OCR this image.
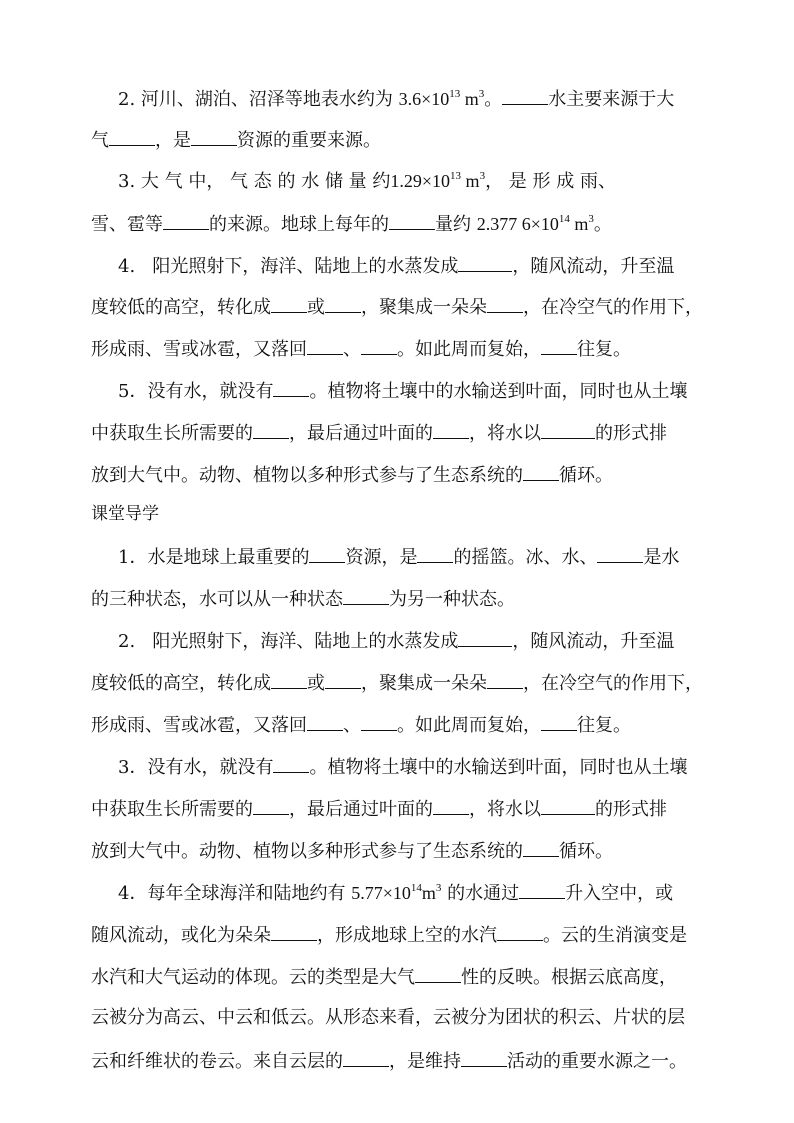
2. 河川、湖泊、沼泽等地表水约为 $3.6\times 10^{13}$ $m^3$ 。	水主要来源于大
气	，是	资源的重要来源。
3. 大 气 中， 气 态 的 水 储 量 约 $1.29\times 10^{13}$ $m^3$ ， 是 形 成 雨、
雪、雹等	的来源。地球上每年的	量约 2.377 $6\times 10^{14}$ $m^3$ 。
4.   阳光照射下，海洋、陆地上的水蒸发成	，随风流动，升至温
度较低的高空，转化成 或 ，聚集成一朵朵 ，在冷空气的作用下，
形成雨、雪或冰雹，又落回 、 。如此周而复始， 往复。
5．没有水，就没有 。植物将土壤中的水输送到叶面，同时也从土壤
中获取生长所需要的 ，最后通过叶面的 ，将水以	的形式排
放到大气中。动物、植物以多种形式参与了生态系统的 循环。
课堂导学
1．水是地球上最重要的 资源，是 的摇篮。冰、水、	是水
的三种状态，水可以从一种状态	为另一种状态。
2.   阳光照射下，海洋、陆地上的水蒸发成	，随风流动，升至温
度较低的高空，转化成 或 ，聚集成一朵朵 ，在冷空气的作用下，
形成雨、雪或冰雹，又落回 、 。如此周而复始， 往复。
3．没有水，就没有 。植物将土壤中的水输送到叶面，同时也从土壤
中获取生长所需要的 ，最后通过叶面的 ，将水以	的形式排
放到大气中。动物、植物以多种形式参与了生态系统的 循环。
4．每年全球海洋和陆地约有 $5.77\times 10^{14}m^3$ 的水通过	升入空中，或
随风流动，或化为朵朵	，形成地球上空的水汽	。云的生消演变是
水汽和大气运动的体现。云的类型是大气	性的反映。根据云底高度，
云被分为高云、中云和低云。从形态来看，云被分为团状的积云、片状的层
云和纤维状的卷云。来自云层的	，是维持	活动的重要水源之一。
